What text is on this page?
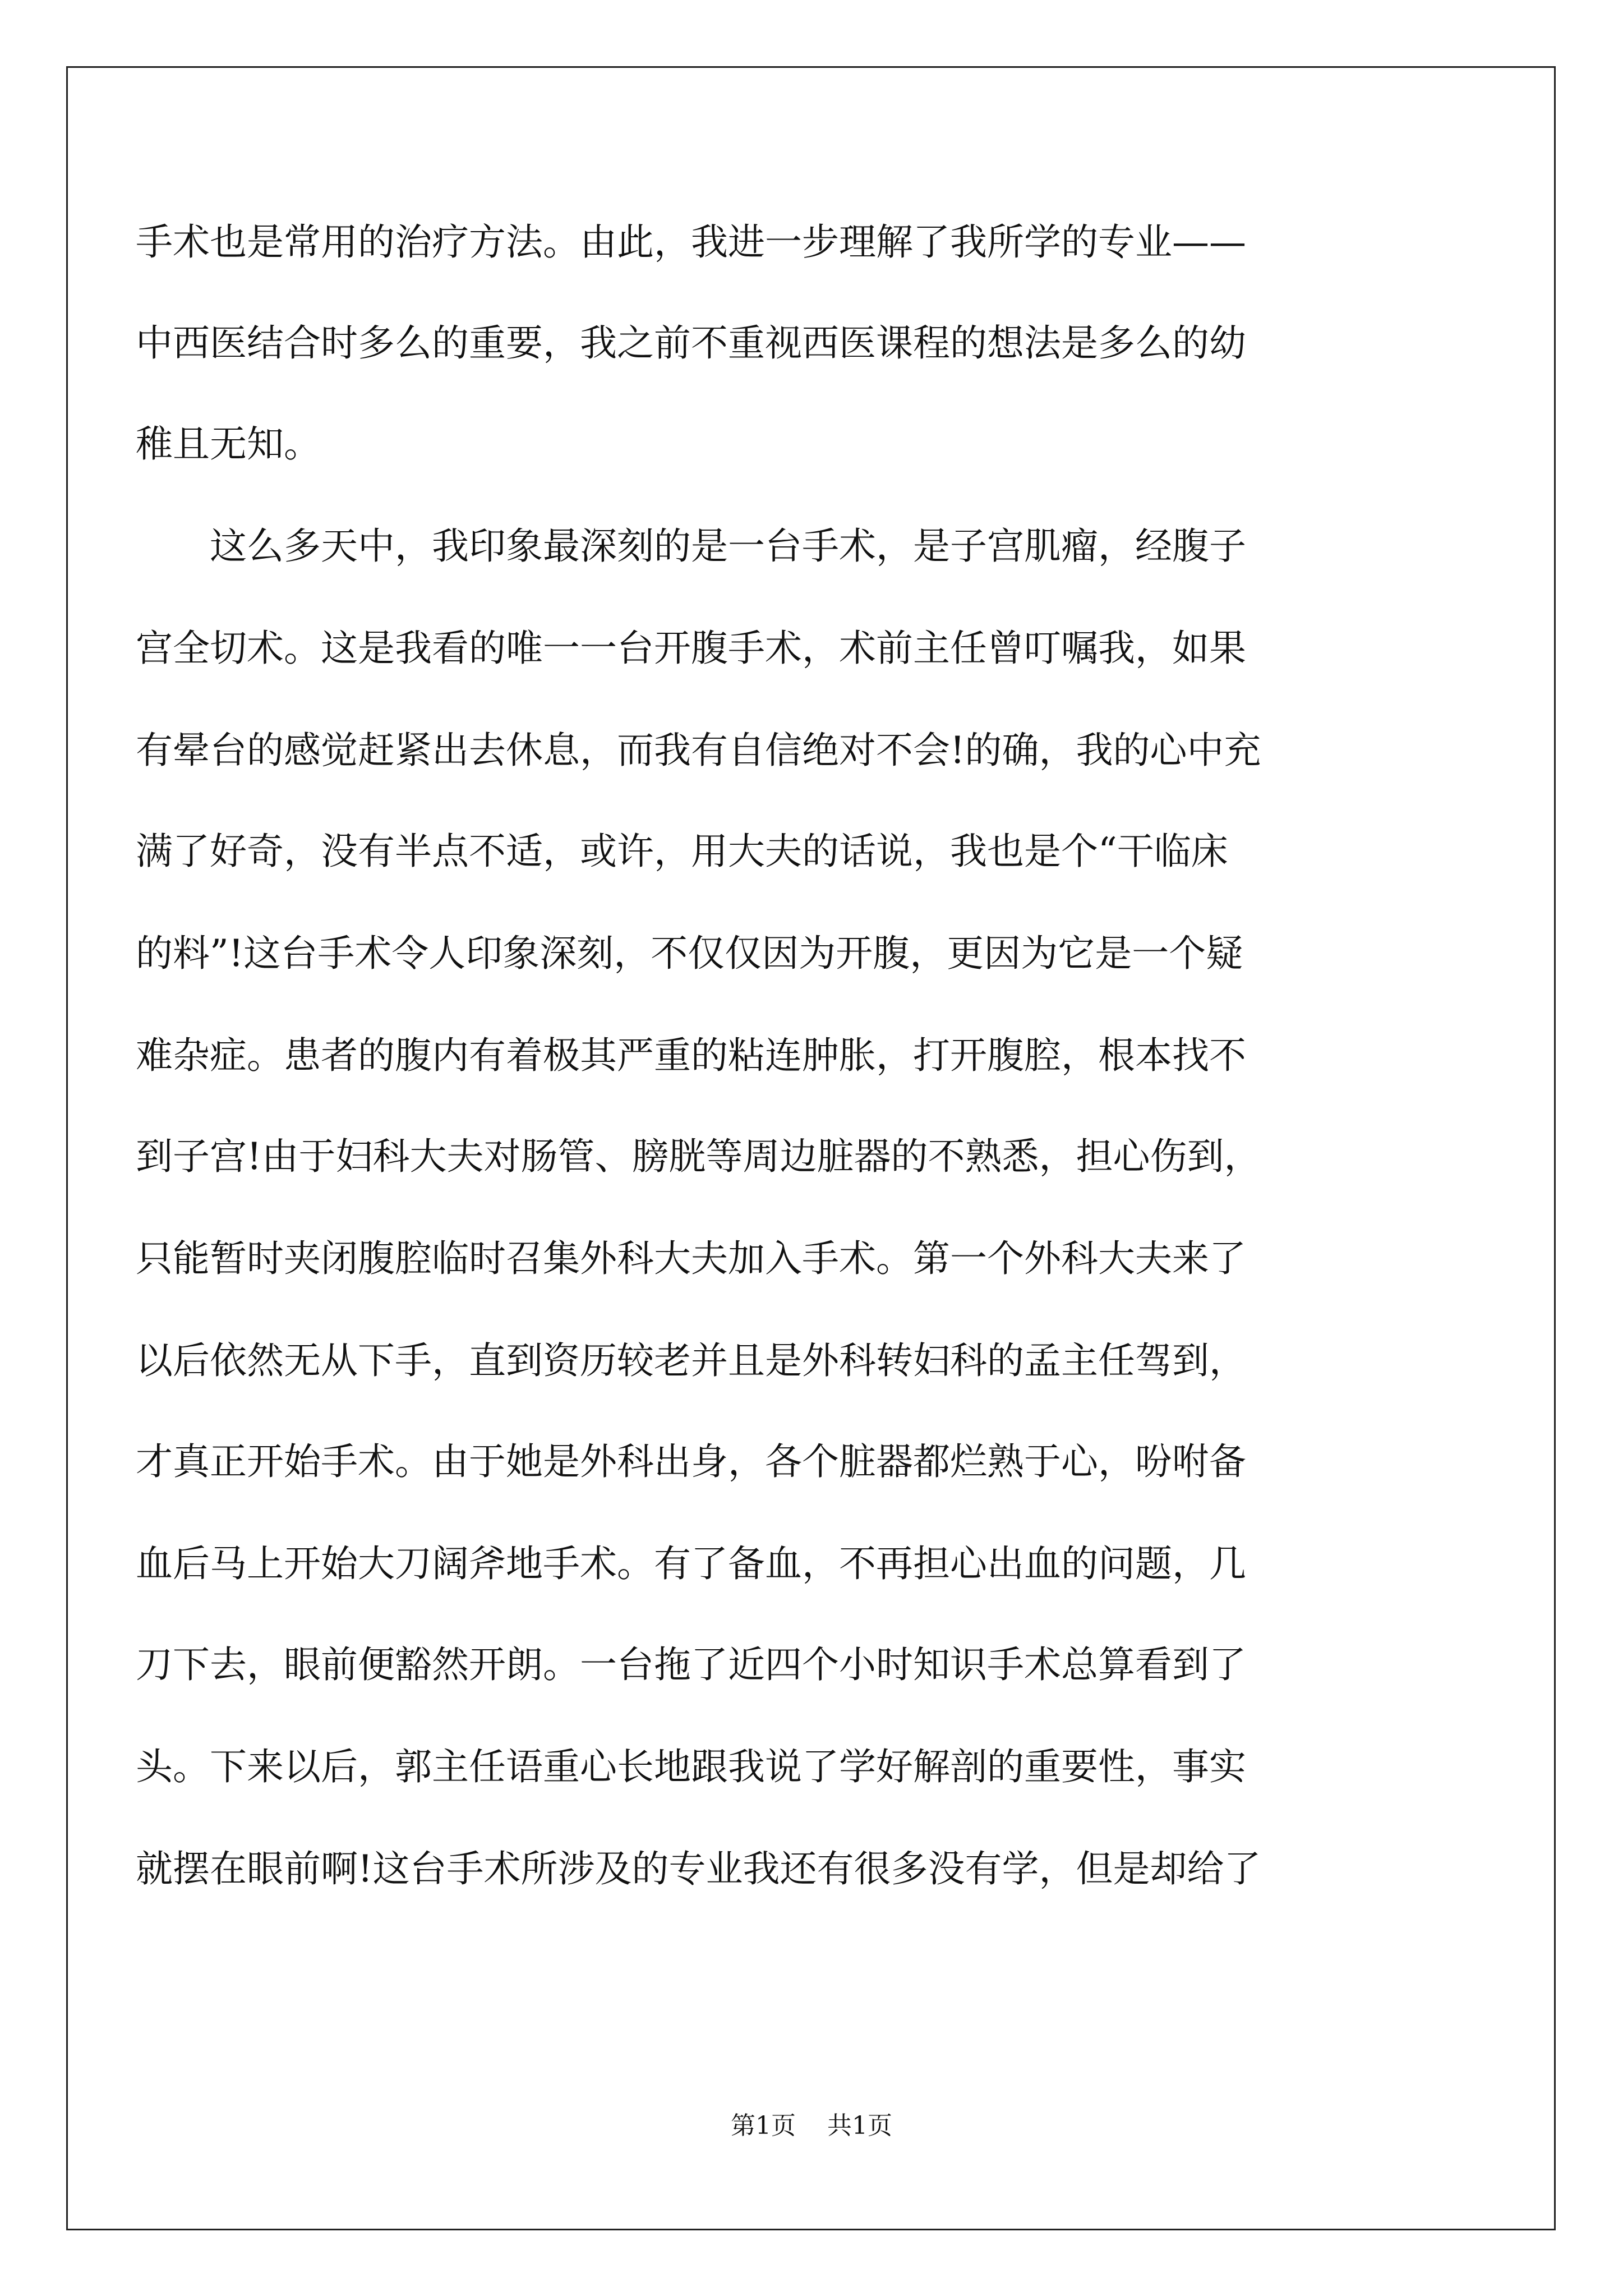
手术也是常用的治疗方法。由此，我进一步理解了我所学的专业——
中西医结合时多么的重要，我之前不重视西医课程的想法是多么的幼
稚且无知。
　　这么多天中，我印象最深刻的是一台手术，是子宫肌瘤，经腹子
宫全切术。这是我看的唯一一台开腹手术，术前主任曾叮嘱我，如果
有晕台的感觉赶紧出去休息，而我有自信绝对不会!的确，我的心中充
满了好奇，没有半点不适，或许，用大夫的话说，我也是个“干临床
的料”!这台手术令人印象深刻，不仅仅因为开腹，更因为它是一个疑
难杂症。患者的腹内有着极其严重的粘连肿胀，打开腹腔，根本找不
到子宫!由于妇科大夫对肠管、膀胱等周边脏器的不熟悉，担心伤到，
只能暂时夹闭腹腔临时召集外科大夫加入手术。第一个外科大夫来了
以后依然无从下手，直到资历较老并且是外科转妇科的孟主任驾到，
才真正开始手术。由于她是外科出身，各个脏器都烂熟于心，吩咐备
血后马上开始大刀阔斧地手术。有了备血，不再担心出血的问题，几
刀下去，眼前便豁然开朗。一台拖了近四个小时知识手术总算看到了
头。下来以后，郭主任语重心长地跟我说了学好解剖的重要性，事实
就摆在眼前啊!这台手术所涉及的专业我还有很多没有学，但是却给了
第1页 共1页
